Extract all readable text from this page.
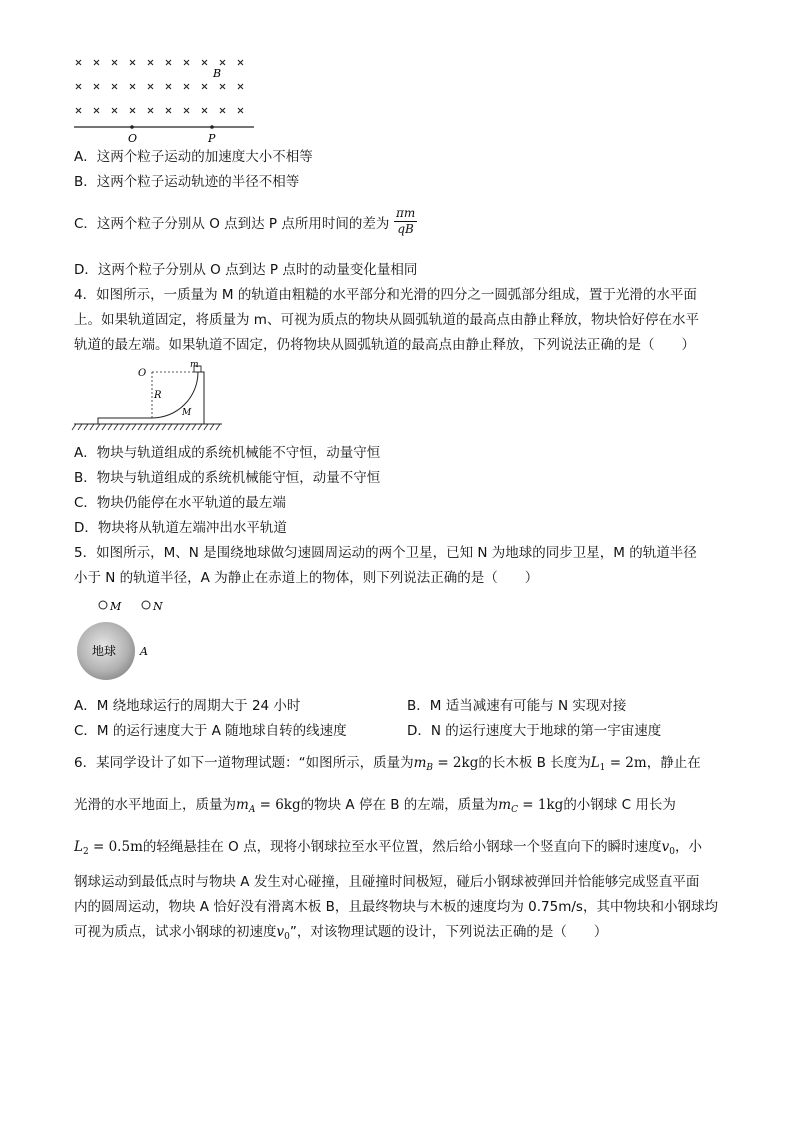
B
O	P
A．这两个粒子运动的加速度大小不相等
B．这两个粒子运动轨迹的半径不相等
C．这两个粒子分别从 O 点到达 P 点所用时间的差为 $\frac{\pi m}{qB}$
D．这两个粒子分别从 O 点到达 P 点时的动量变化量相同
4．如图所示，一质量为 M 的轨道由粗糙的水平部分和光滑的四分之一圆弧部分组成，置于光滑的水平面
上。如果轨道固定，将质量为 m、可视为质点的物块从圆弧轨道的最高点由静止释放，物块恰好停在水平
轨道的最左端。如果轨道不固定，仍将物块从圆弧轨道的最高点由静止释放，下列说法正确的是（　　）
O
m
R
M
A．物块与轨道组成的系统机械能不守恒，动量守恒
B．物块与轨道组成的系统机械能守恒，动量不守恒
C．物块仍能停在水平轨道的最左端
D．物块将从轨道左端冲出水平轨道
5．如图所示，M、N 是围绕地球做匀速圆周运动的两个卫星，已知 N 为地球的同步卫星，M 的轨道半径
小于 N 的轨道半径，A 为静止在赤道上的物体，则下列说法正确的是（　　）
M	N
地球 A
A．M 绕地球运行的周期大于 24 小时	B．M 适当减速有可能与 N 实现对接
C．M 的运行速度大于 A 随地球自转的线速度	D．N 的运行速度大于地球的第一宇宙速度
6．某同学设计了如下一道物理试题：“如图所示，质量为$m_B = 2kg$的长木板 B 长度为$L_1 = 2m$，静止在
光滑的水平地面上，质量为$m_A = 6kg$的物块 A 停在 B 的左端，质量为$m_C = 1kg$的小钢球 C 用长为
$L_2 = 0.5m$的轻绳悬挂在 O 点，现将小钢球拉至水平位置，然后给小钢球一个竖直向下的瞬时速度$v_0$，小
钢球运动到最低点时与物块 A 发生对心碰撞，且碰撞时间极短，碰后小钢球被弹回并恰能够完成竖直平面
内的圆周运动，物块 A 恰好没有滑离木板 B，且最终物块与木板的速度均为 0.75m/s，其中物块和小钢球均
可视为质点，试求小钢球的初速度$v_0$”，对该物理试题的设计，下列说法正确的是（　　）
